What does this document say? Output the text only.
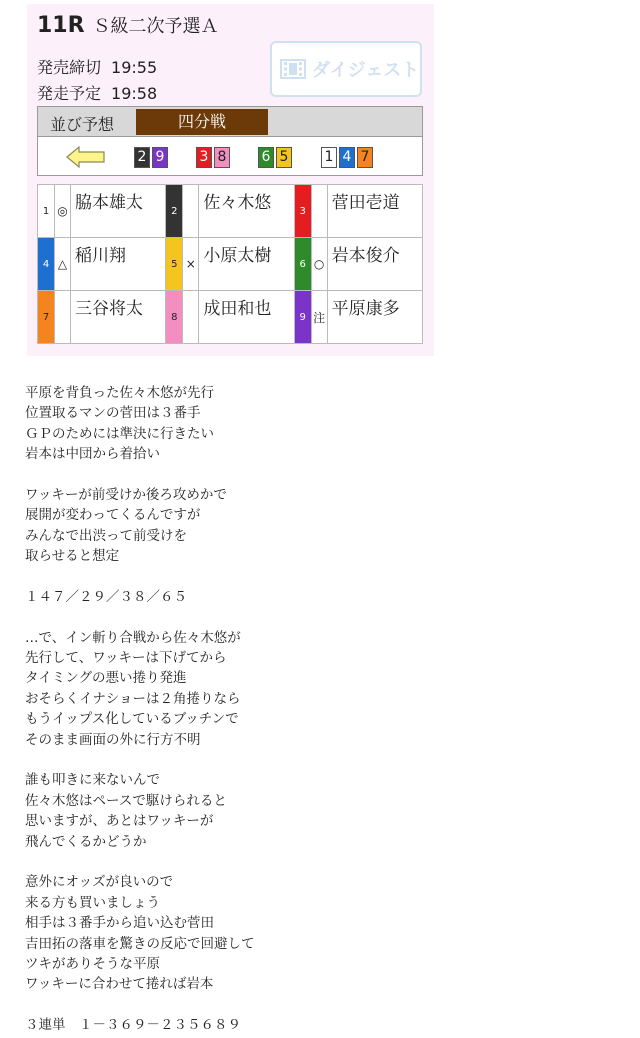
11R Ｓ級二次予選Ａ
発売締切 19:55
発走予定 19:58
ダイジェスト
並び予想	四分戦
2 9	3 8	6 5	1 4 7
1	◎	脇本雄太	2		佐々木悠	3		菅田壱道

4	△	稲川翔	5	×	小原太樹	6	○	岩本俊介

7		三谷将太	8		成田和也	9	注	平原康多

平原を背負った佐々木悠が先行

位置取るマンの菅田は３番手

ＧＰのためには準決に行きたい

岩本は中団から着拾い

ワッキーが前受けか後ろ攻めかで

展開が変わってくるんですが

みんなで出渋って前受けを

取らせると想定

１４７／２９／３８／６５

…で、イン斬り合戦から佐々木悠が

先行して、ワッキーは下げてから

タイミングの悪い捲り発進

おそらくイナショーは２角捲りなら

もうイップス化しているブッチンで

そのまま画面の外に行方不明

誰も叩きに来ないんで

佐々木悠はペースで駆けられると

思いますが、あとはワッキーが

飛んでくるかどうか

意外にオッズが良いので

来る方も買いましょう

相手は３番手から追い込む菅田

吉田拓の落車を驚きの反応で回避して

ツキがありそうな平原

ワッキーに合わせて捲れば岩本

３連単　１－３６９－２３５６８９
